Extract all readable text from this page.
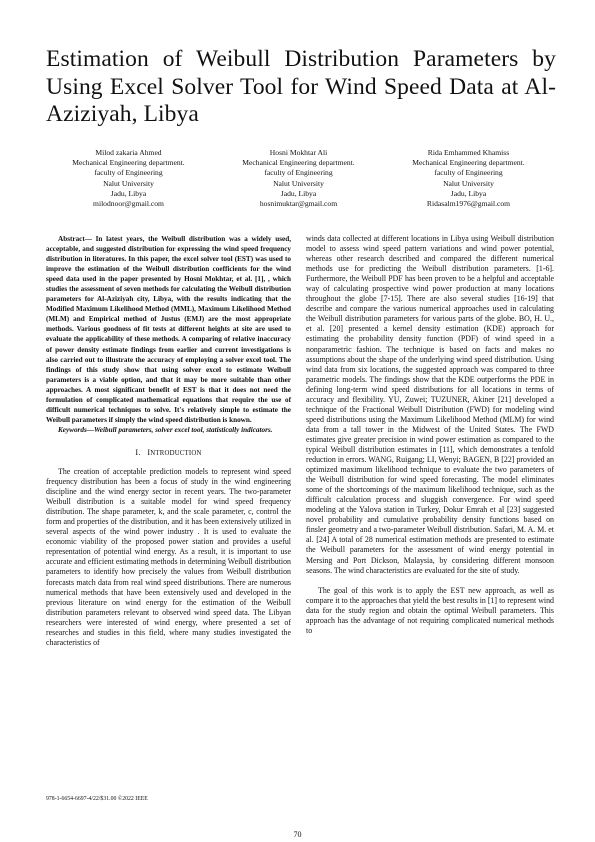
Estimation of Weibull Distribution Parameters by Using Excel Solver Tool for Wind Speed Data at Al-Aziziyah, Libya
Milod zakaria Ahmed
Mechanical Engineering department.
faculty of Engineering
Nalut University
Jadu, Libya
milodnoor@gmail.com
Hosni Mokhtar Ali
Mechanical Engineering department.
faculty of Engineering
Nalut University
Jadu, Libya
hosnimuktar@gmail.com
Rida Emhammed Khamiss
Mechanical Engineering department.
faculty of Engineering
Nalut University
Jadu, Libya
Ridasalm1976@gmail.com

Abstract— In latest years, the Weibull distribution was a widely used, acceptable, and suggested distribution for expressing the wind speed frequency distribution in literatures. In this paper, the excel solver tool (EST) was used to improve the estimation of the Weibull distribution coefficients for the wind speed data used in the paper presented by Hosni Mokhtar, et al. [1], , which studies the assessment of seven methods for calculating the Weibull distribution parameters for Al-Aziziyah city, Libya, with the results indicating that the Modified Maximum Likelihood Method (MML), Maximum Likelihood Method (MLM) and Empirical method of Justus (EMJ) are the most appropriate methods. Various goodness of fit tests at different heights at site are used to evaluate the applicability of these methods. A comparing of relative inaccuracy of power density estimate findings from earlier and current investigations is also carried out to illustrate the accuracy of employing a solver excel tool. The findings of this study show that using solver excel to estimate Weibull parameters is a viable option, and that it may be more suitable than other approaches. A most significant benefit of EST is that it does not need the formulation of complicated mathematical equations that require the use of difficult numerical techniques to solve. It's relatively simple to estimate the Weibull parameters if simply the wind speed distribution is known.

Keywords—Weibull parameters, solver excel tool, statistically indicators.

I. INTRODUCTION

The creation of acceptable prediction models to represent wind speed frequency distribution has been a focus of study in the wind engineering discipline and the wind energy sector in recent years. The two-parameter Weibull distribution is a suitable model for wind speed frequency distribution. The shape parameter, k, and the scale parameter, c, control the form and properties of the distribution, and it has been extensively utilized in several aspects of the wind power industry . It is used to evaluate the economic viability of the proposed power station and provides a useful representation of potential wind energy. As a result, it is important to use accurate and efficient estimating methods in determining Weibull distribution parameters to identify how precisely the values from Weibull distribution forecasts match data from real wind speed distributions. There are numerous numerical methods that have been extensively used and developed in the previous literature on wind energy for the estimation of the Weibull distribution parameters relevant to observed wind speed data. The Libyan researchers were interested of wind energy, where presented a set of researches and studies in this field, where many studies investigated the characteristics of

winds data collected at different locations in Libya using Weibull distribution model to assess wind speed pattern variations and wind power potential, whereas other research described and compared the different numerical methods use for predicting the Weibull distribution parameters. [1-6]. Furthermore, the Weibull PDF has been proven to be a helpful and acceptable way of calculating prospective wind power production at many locations throughout the globe [7-15]. There are also several studies [16-19] that describe and compare the various numerical approaches used in calculating the Weibull distribution parameters for various parts of the globe. BO, H. U., et al. [20] presented a kernel density estimation (KDE) approach for estimating the probability density function (PDF) of wind speed in a nonparametric fashion. The technique is based on facts and makes no assumptions about the shape of the underlying wind speed distribution. Using wind data from six locations, the suggested approach was compared to three parametric models. The findings show that the KDE outperforms the PDE in defining long-term wind speed distributions for all locations in terms of accuracy and flexibility. YU, Zuwei; TUZUNER, Akiner [21] developed a technique of the Fractional Weibull Distribution (FWD) for modeling wind speed distributions using the Maximum Likelihood Method (MLM) for wind data from a tall tower in the Midwest of the United States. The FWD estimates give greater precision in wind power estimation as compared to the typical Weibull distribution estimates in [11], which demonstrates a tenfold reduction in errors. WANG, Ruigang; LI, Wenyi; BAGEN, B [22] provided an optimized maximum likelihood technique to evaluate the two parameters of the Weibull distribution for wind speed forecasting. The model eliminates some of the shortcomings of the maximum likelihood technique, such as the difficult calculation process and sluggish convergence. For wind speed modeling at the Yalova station in Turkey, Dokur Emrah et al [23] suggested novel probability and cumulative probability density functions based on finsler geometry and a two-parameter Weibull distribution. Safari, M. A. M. et al. [24] A total of 28 numerical estimation methods are presented to estimate the Weibull parameters for the assessment of wind energy potential in Mersing and Port Dickson, Malaysia, by considering different monsoon seasons. The wind characteristics are evaluated for the site of study.

The goal of this work is to apply the EST new approach, as well as compare it to the approaches that yield the best results in [1] to represent wind data for the study region and obtain the optimal Weibull parameters. This approach has the advantage of not requiring complicated numerical methods to

978-1-6654-6697-4/22/$31.00 ©2022 IEEE
70
